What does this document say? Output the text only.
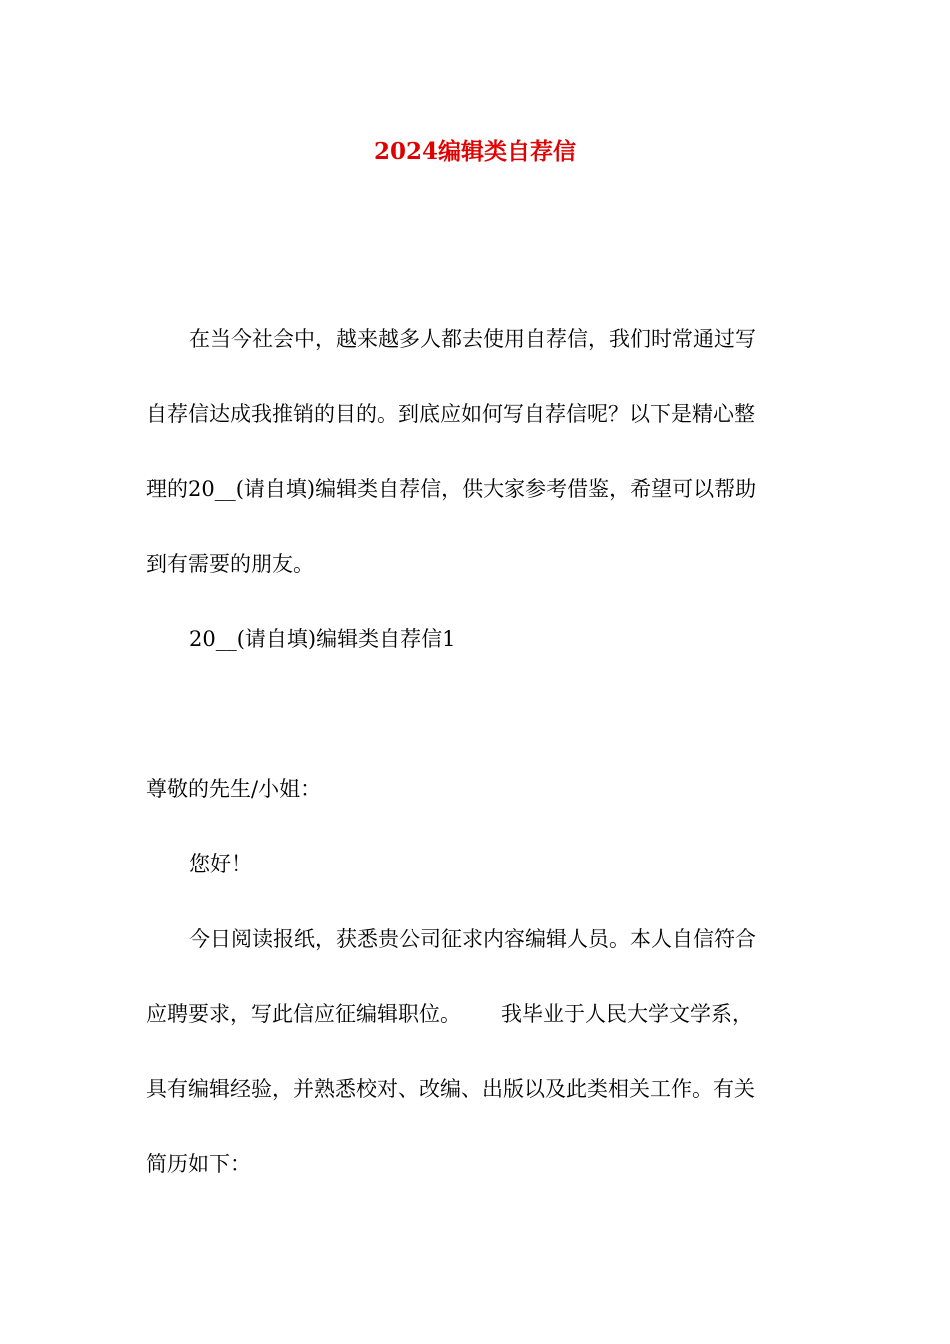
2024编辑类自荐信

在当今社会中，越来越多人都去使用自荐信，我们时常通过写
自荐信达成我推销的目的。到底应如何写自荐信呢？以下是精心整
理的20__(请自填)编辑类自荐信，供大家参考借鉴，希望可以帮助
到有需要的朋友。

20__(请自填)编辑类自荐信1

尊敬的先生/小姐：

您好！

今日阅读报纸，获悉贵公司征求内容编辑人员。本人自信符合
应聘要求，写此信应征编辑职位。 我毕业于人民大学文学系，
具有编辑经验，并熟悉校对、改编、出版以及此类相关工作。有关
简历如下：
